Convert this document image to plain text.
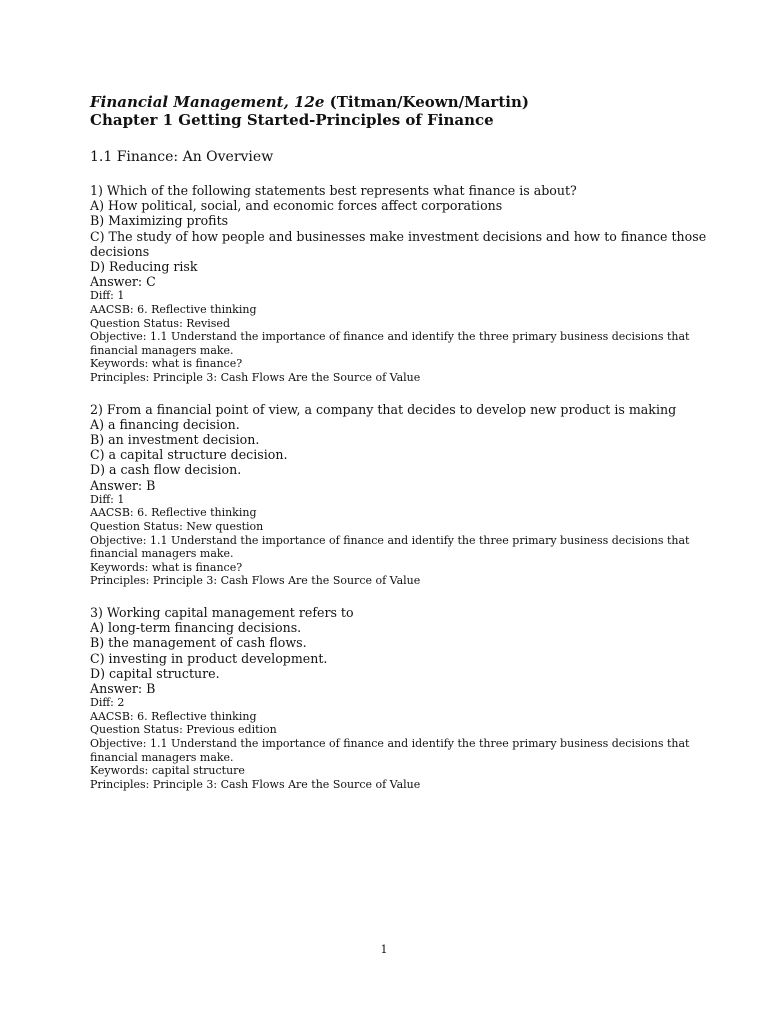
Financial Management, 12e (Titman/Keown/Martin)

Chapter 1 Getting Started-Principles of Finance

1.1 Finance: An Overview

1) Which of the following statements best represents what finance is about?

A) How political, social, and economic forces affect corporations

B) Maximizing profits

C) The study of how people and businesses make investment decisions and how to finance those decisions

D) Reducing risk

Answer: C

Diff: 1

AACSB: 6. Reflective thinking

Question Status: Revised

Objective: 1.1 Understand the importance of finance and identify the three primary business decisions that financial managers make.

Keywords: what is finance?

Principles: Principle 3: Cash Flows Are the Source of Value

2) From a financial point of view, a company that decides to develop new product is making

A) a financing decision.

B) an investment decision.

C) a capital structure decision.

D) a cash flow decision.

Answer: B

Diff: 1

AACSB: 6. Reflective thinking

Question Status: New question

Objective: 1.1 Understand the importance of finance and identify the three primary business decisions that financial managers make.

Keywords: what is finance?

Principles: Principle 3: Cash Flows Are the Source of Value

3) Working capital management refers to

A) long-term financing decisions.

B) the management of cash flows.

C) investing in product development.

D) capital structure.

Answer: B

Diff: 2

AACSB: 6. Reflective thinking

Question Status: Previous edition

Objective: 1.1 Understand the importance of finance and identify the three primary business decisions that financial managers make.

Keywords: capital structure

Principles: Principle 3: Cash Flows Are the Source of Value

1
